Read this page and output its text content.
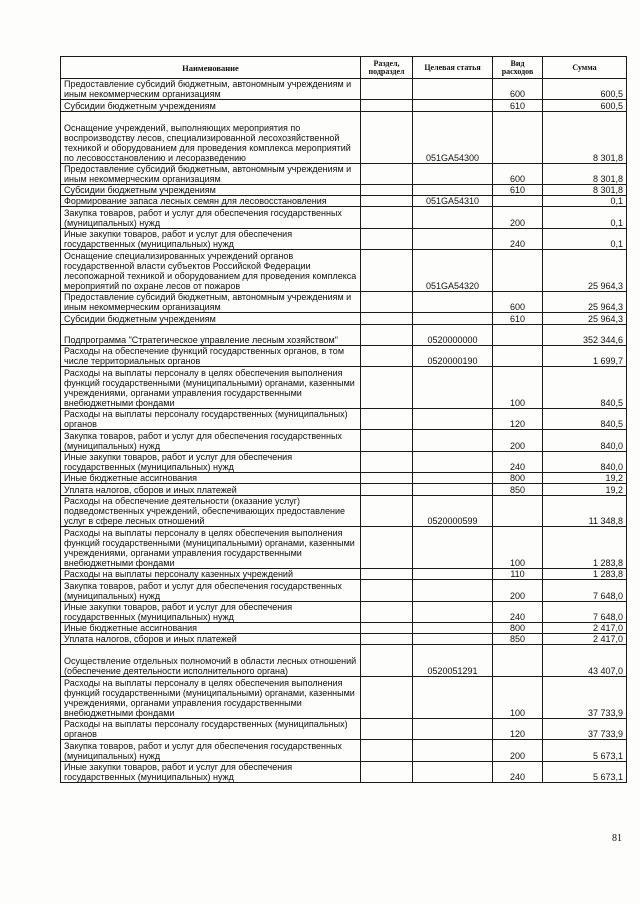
Наименование	Раздел, подраздел	Целевая статья	Вид расходов	Сумма
Предоставление субсидий бюджетным, автономным учреждениям и иным некоммерческим организациям			600	600,5
Субсидии бюджетным учреждениям			610	600,5
Оснащение учреждений, выполняющих мероприятия по воспроизводству лесов, специализированной лесохозяйственной техникой и оборудованием для проведения комплекса мероприятий по лесовосстановлению и лесоразведению		051GA54300		8 301,8
Предоставление субсидий бюджетным, автономным учреждениям и иным некоммерческим организациям			600	8 301,8
Субсидии бюджетным учреждениям			610	8 301,8
Формирование запаса лесных семян для лесовосстановления		051GA54310		0,1
Закупка товаров, работ и услуг для обеспечения государственных (муниципальных) нужд			200	0,1
Иные закупки товаров, работ и услуг для обеспечения государственных (муниципальных) нужд			240	0,1
Оснащение специализированных учреждений органов государственной власти субъектов Российской Федерации лесопожарной техникой и оборудованием для проведения комплекса мероприятий по охране лесов от пожаров		051GA54320		25 964,3
Предоставление субсидий бюджетным, автономным учреждениям и иным некоммерческим организациям			600	25 964,3
Субсидии бюджетным учреждениям			610	25 964,3
Подпрограмма "Стратегическое управление лесным хозяйством"		0520000000		352 344,6
Расходы на обеспечение функций государственных органов, в том числе территориальных органов		0520000190		1 699,7
Расходы на выплаты персоналу в целях обеспечения выполнения функций государственными (муниципальными) органами, казенными учреждениями, органами управления государственными внебюджетными фондами			100	840,5
Расходы на выплаты персоналу государственных (муниципальных) органов			120	840,5
Закупка товаров, работ и услуг для обеспечения государственных (муниципальных) нужд			200	840,0
Иные закупки товаров, работ и услуг для обеспечения государственных (муниципальных) нужд			240	840,0
Иные бюджетные ассигнования			800	19,2
Уплата налогов, сборов и иных платежей			850	19,2
Расходы на обеспечение деятельности (оказание услуг) подведомственных учреждений, обеспечивающих предоставление услуг в сфере лесных отношений		0520000599		11 348,8
Расходы на выплаты персоналу в целях обеспечения выполнения функций государственными (муниципальными) органами, казенными учреждениями, органами управления государственными внебюджетными фондами			100	1 283,8
Расходы на выплаты персоналу казенных учреждений			110	1 283,8
Закупка товаров, работ и услуг для обеспечения государственных (муниципальных) нужд			200	7 648,0
Иные закупки товаров, работ и услуг для обеспечения государственных (муниципальных) нужд			240	7 648,0
Иные бюджетные ассигнования			800	2 417,0
Уплата налогов, сборов и иных платежей			850	2 417,0
Осуществление отдельных полномочий в области лесных отношений (обеспечение деятельности исполнительного органа)		0520051291		43 407,0
Расходы на выплаты персоналу в целях обеспечения выполнения функций государственными (муниципальными) органами, казенными учреждениями, органами управления государственными внебюджетными фондами			100	37 733,9
Расходы на выплаты персоналу государственных (муниципальных) органов			120	37 733,9
Закупка товаров, работ и услуг для обеспечения государственных (муниципальных) нужд			200	5 673,1
Иные закупки товаров, работ и услуг для обеспечения государственных (муниципальных) нужд			240	5 673,1
81
